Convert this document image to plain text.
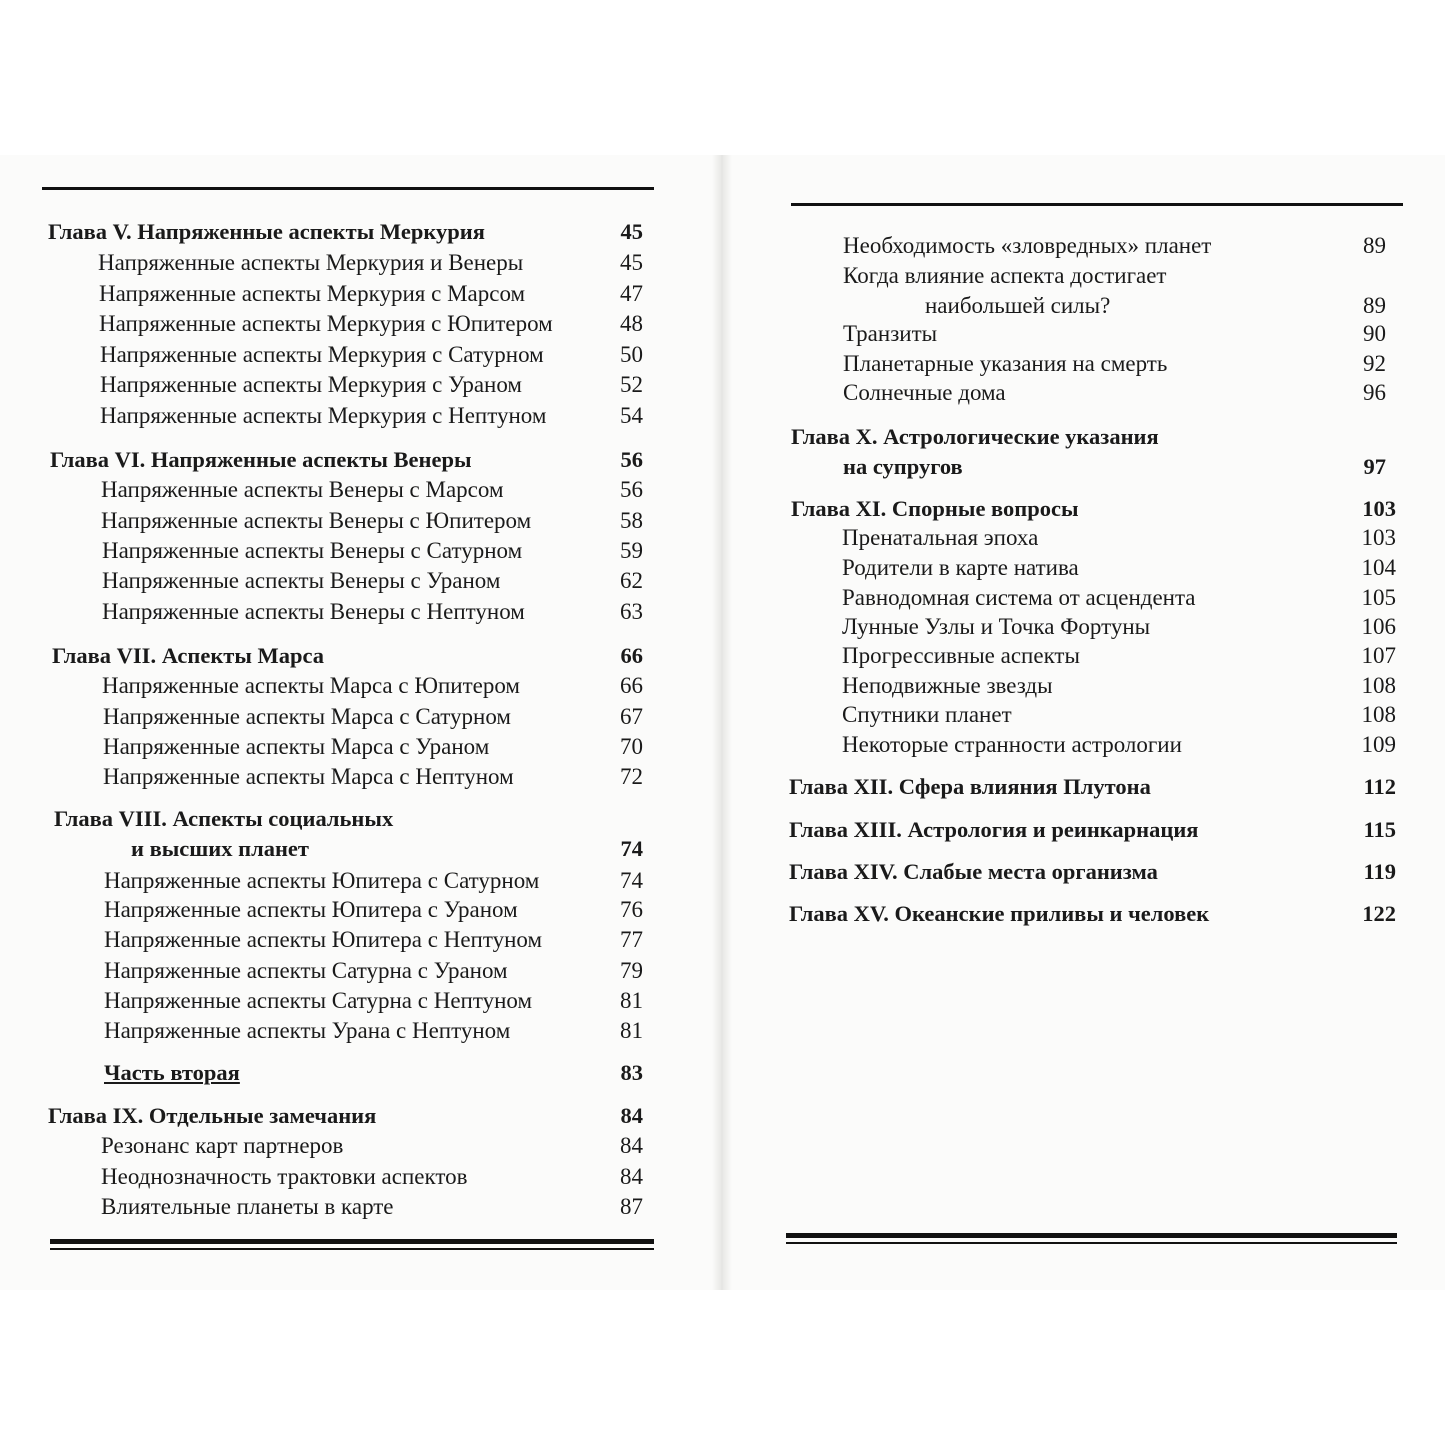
Глава V. Напряженные аспекты Меркурия	45
Напряженные аспекты Меркурия и Венеры	45
Напряженные аспекты Меркурия с Марсом	47
Напряженные аспекты Меркурия с Юпитером	48
Напряженные аспекты Меркурия с Сатурном	50
Напряженные аспекты Меркурия с Ураном	52
Напряженные аспекты Меркурия с Нептуном	54
Глава VI. Напряженные аспекты Венеры	56
Напряженные аспекты Венеры с Марсом	56
Напряженные аспекты Венеры с Юпитером	58
Напряженные аспекты Венеры с Сатурном	59
Напряженные аспекты Венеры с Ураном	62
Напряженные аспекты Венеры с Нептуном	63
Глава VII. Аспекты Марса	66
Напряженные аспекты Марса с Юпитером	66
Напряженные аспекты Марса с Сатурном	67
Напряженные аспекты Марса с Ураном	70
Напряженные аспекты Марса с Нептуном	72
Глава VIII. Аспекты социальных
и высших планет	74
Напряженные аспекты Юпитера с Сатурном	74
Напряженные аспекты Юпитера с Ураном	76
Напряженные аспекты Юпитера с Нептуном	77
Напряженные аспекты Сатурна с Ураном	79
Напряженные аспекты Сатурна с Нептуном	81
Напряженные аспекты Урана с Нептуном	81
Часть вторая	83
Глава IX. Отдельные замечания	84
Резонанс карт партнеров	84
Неоднозначность трактовки аспектов	84
Влиятельные планеты в карте	87
Необходимость «зловредных» планет	89
Когда влияние аспекта достигает
наибольшей силы?	89
Транзиты	90
Планетарные указания на смерть	92
Солнечные дома	96
Глава X. Астрологические указания
на супругов	97
Глава XI. Спорные вопросы	103
Пренатальная эпоха	103
Родители в карте натива	104
Равнодомная система от асцендента	105
Лунные Узлы и Точка Фортуны	106
Прогрессивные аспекты	107
Неподвижные звезды	108
Спутники планет	108
Некоторые странности астрологии	109
Глава XII. Сфера влияния Плутона	112
Глава XIII. Астрология и реинкарнация	115
Глава XIV. Слабые места организма	119
Глава XV. Океанские приливы и человек	122
